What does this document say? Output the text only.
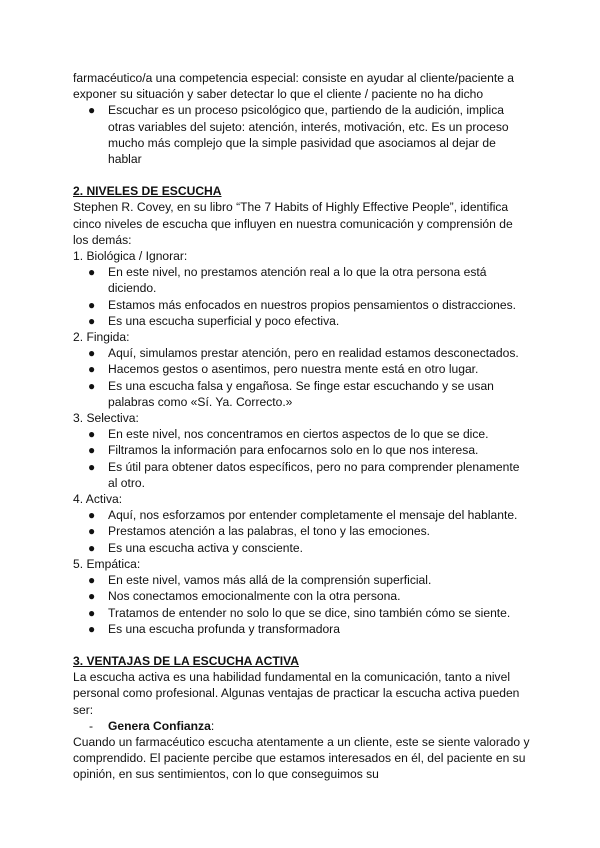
farmacéutico/a una competencia especial: consiste en ayudar al cliente/paciente a exponer su situación y saber detectar lo que el cliente / paciente no ha dicho

● Escuchar es un proceso psicológico que, partiendo de la audición, implica otras variables del sujeto: atención, interés, motivación, etc. Es un proceso mucho más complejo que la simple pasividad que asociamos al dejar de hablar

2. NIVELES DE ESCUCHA

Stephen R. Covey, en su libro “The 7 Habits of Highly Effective People”, identifica cinco niveles de escucha que influyen en nuestra comunicación y comprensión de los demás:

1. Biológica / Ignorar:

● En este nivel, no prestamos atención real a lo que la otra persona está diciendo.
● Estamos más enfocados en nuestros propios pensamientos o distracciones.
● Es una escucha superficial y poco efectiva.

2. Fingida:

● Aquí, simulamos prestar atención, pero en realidad estamos desconectados.
● Hacemos gestos o asentimos, pero nuestra mente está en otro lugar.
● Es una escucha falsa y engañosa. Se finge estar escuchando y se usan palabras como «Sí. Ya. Correcto.»

3. Selectiva:

● En este nivel, nos concentramos en ciertos aspectos de lo que se dice.
● Filtramos la información para enfocarnos solo en lo que nos interesa.
● Es útil para obtener datos específicos, pero no para comprender plenamente al otro.

4. Activa:

● Aquí, nos esforzamos por entender completamente el mensaje del hablante.
● Prestamos atención a las palabras, el tono y las emociones.
● Es una escucha activa y consciente.

5. Empática:

● En este nivel, vamos más allá de la comprensión superficial.
● Nos conectamos emocionalmente con la otra persona.
● Tratamos de entender no solo lo que se dice, sino también cómo se siente.
● Es una escucha profunda y transformadora

3. VENTAJAS DE LA ESCUCHA ACTIVA

La escucha activa es una habilidad fundamental en la comunicación, tanto a nivel personal como profesional. Algunas ventajas de practicar la escucha activa pueden ser:

- Genera Confianza:

Cuando un farmacéutico escucha atentamente a un cliente, este se siente valorado y comprendido. El paciente percibe que estamos interesados en él, del paciente en su opinión, en sus sentimientos, con lo que conseguimos su
